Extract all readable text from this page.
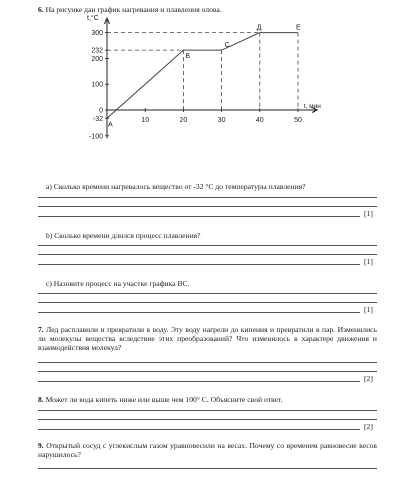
6. На рисунке дан график нагревания и плавления олова.
t,°C
t, мин
300
232
200
100
0
-32
-100
10	20	30	40	50
A
B
C
Д	Е
а) Сколько времени нагревалось вещество от -32 °С до температуры плавления?
[1]
b) Сколько времени длился процесс плавления?
[1]
с) Назовите процесс на участке графика ВС.
[1]
7. Лед расплавили и превратили в воду. Эту воду нагрели до кипения и превратили в пар. Изменились ли молекулы вещества вследствие этих преобразований? Что изменилось в характере движения и взаимодействия молекул?
[2]
8. Может ли вода кипеть ниже или выше чем 100° С. Объясните свой ответ.
[2]
9. Открытый сосуд с углекислым газом уравновесили на весах. Почему со временем равновесие весов нарушилось?
